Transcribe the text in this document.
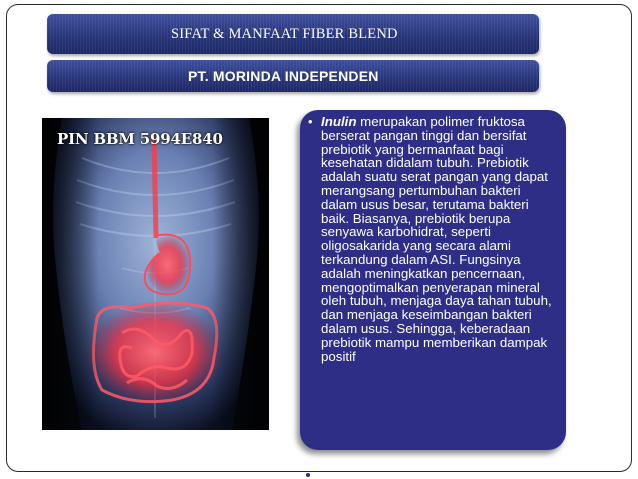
SIFAT & MANFAAT FIBER BLEND
PT. MORINDA INDEPENDEN
PIN BBM 5994E840
• Inulin merupakan polimer fruktosa berserat pangan tinggi dan bersifat prebiotik yang bermanfaat bagi kesehatan didalam tubuh. Prebiotik adalah suatu serat pangan yang dapat merangsang pertumbuhan bakteri dalam usus besar, terutama bakteri baik. Biasanya, prebiotik berupa senyawa karbohidrat, seperti oligosakarida yang secara alami terkandung dalam ASI. Fungsinya adalah meningkatkan pencernaan, mengoptimalkan penyerapan mineral oleh tubuh, menjaga daya tahan tubuh, dan menjaga keseimbangan bakteri dalam usus. Sehingga, keberadaan prebiotik mampu memberikan dampak positif
